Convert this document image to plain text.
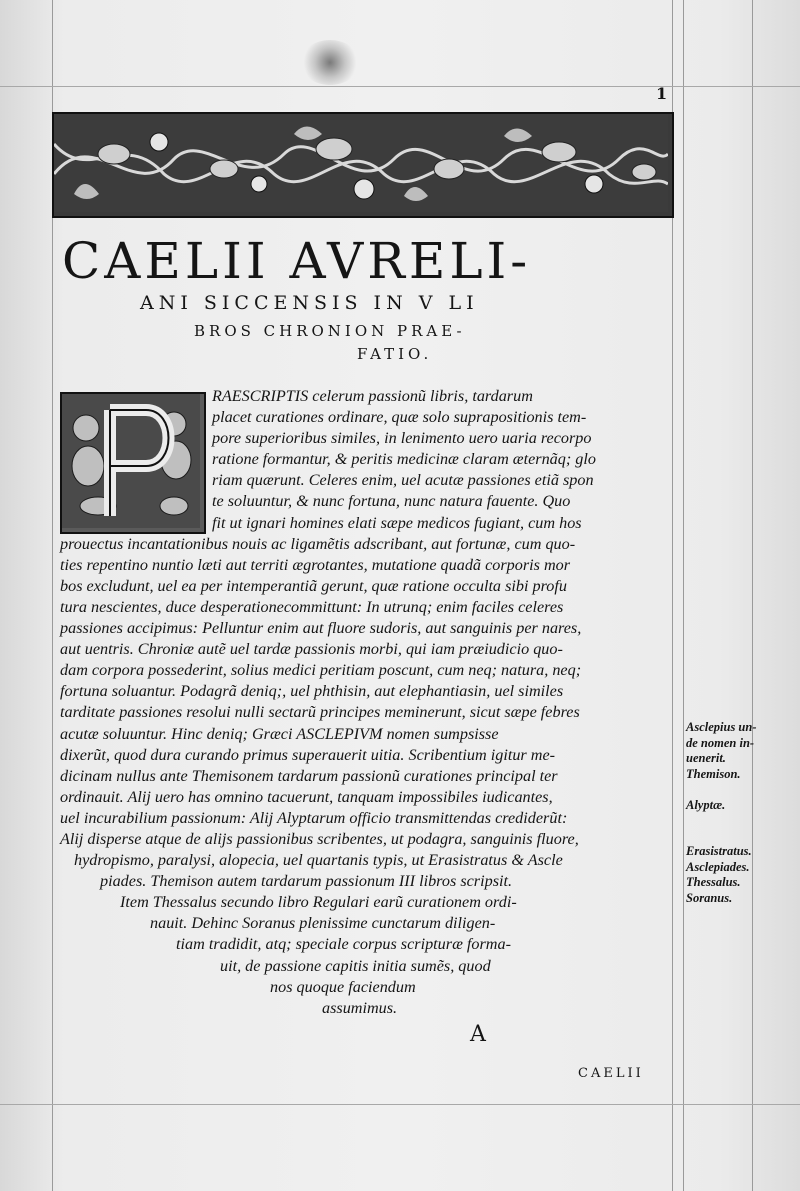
1
CAELII AVRELI-
ANI SICCENSIS IN V LI
BROS CHRONION PRAE-
FATIO.
RAESCRIPTIS celerum passionũ libris, tardarum
placet curationes ordinare, quæ solo suprapositionis tem-
pore superioribus similes, in lenimento uero uaria recorpo
ratione formantur, & peritis medicinæ claram æternãq; glo
riam quærunt. Celeres enim, uel acutæ passiones etiã spon
te soluuntur, & nunc fortuna, nunc natura fauente. Quo
fit ut ignari homines elati sæpe medicos fugiant, cum hos
prouectus incantationibus nouis ac ligamẽtis adscribant, aut fortunæ, cum quo-
ties repentino nuntio læti aut territi ægrotantes, mutatione quadã corporis mor
bos excludunt, uel ea per intemperantiã gerunt, quæ ratione occulta sibi profu
tura nescientes, duce desperationecommittunt: In utrunq; enim faciles celeres
passiones accipimus: Pelluntur enim aut fluore sudoris, aut sanguinis per nares,
aut uentris. Chroniæ autẽ uel tardæ passionis morbi, qui iam præiudicio quo-
dam corpora possederint, solius medici peritiam poscunt, cum neq; natura, neq;
fortuna soluantur. Podagrã deniq;, uel phthisin, aut elephantiasin, uel similes
tarditate passiones resolui nulli sectarũ principes meminerunt, sicut sæpe febres
acutæ soluuntur. Hinc deniq; Græci ASCLEPIVM nomen sumpsisse
dixerũt, quod dura curando primus superauerit uitia. Scribentium igitur me-
dicinam nullus ante Themisonem tardarum passionũ curationes principal ter
ordinauit. Alij uero has omnino tacuerunt, tanquam impossibiles iudicantes,
uel incurabilium passionum: Alij Alyptarum officio transmittendas crediderũt:
Alij disperse atque de alijs passionibus scribentes, ut podagra, sanguinis fluore,
hydropismo, paralysi, alopecia, uel quartanis typis, ut Erasistratus & Ascle
piades. Themison autem tardarum passionum III libros scripsit.
Item Thessalus secundo libro Regulari earũ curationem ordi-
nauit. Dehinc Soranus plenissime cunctarum diligen-
tiam tradidit, atq; speciale corpus scripturæ forma-
uit, de passione capitis initia sumẽs, quod
nos quoque faciendum
assumimus.
A
CAELII
Asclepius un-
de nomen in-
uenerit.
Themison.

Alyptæ.

Erasistratus.
Asclepiades.
Thessalus.
Soranus.
